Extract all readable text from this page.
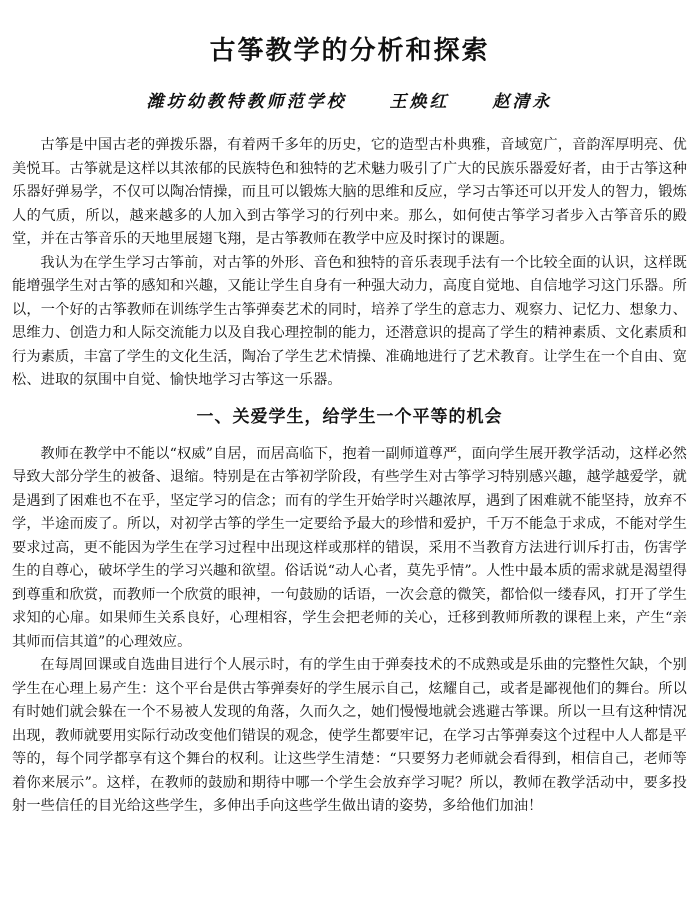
古筝教学的分析和探索
潍坊幼教特教师范学校	王焕红	赵清永

古筝是中国古老的弹拨乐器，有着两千多年的历史，它的造型古朴典雅，音域宽广，音韵浑厚明亮、优美悦耳。古筝就是这样以其浓郁的民族特色和独特的艺术魅力吸引了广大的民族乐器爱好者，由于古筝这种乐器好弹易学，不仅可以陶冶情操，而且可以锻炼大脑的思维和反应，学习古筝还可以开发人的智力，锻炼人的气质，所以，越来越多的人加入到古筝学习的行列中来。那么，如何使古筝学习者步入古筝音乐的殿堂，并在古筝音乐的天地里展翅飞翔，是古筝教师在教学中应及时探讨的课题。

我认为在学生学习古筝前，对古筝的外形、音色和独特的音乐表现手法有一个比较全面的认识，这样既能增强学生对古筝的感知和兴趣，又能让学生自身有一种强大动力，高度自觉地、自信地学习这门乐器。所以，一个好的古筝教师在训练学生古筝弹奏艺术的同时，培养了学生的意志力、观察力、记忆力、想象力、思维力、创造力和人际交流能力以及自我心理控制的能力，还潜意识的提高了学生的精神素质、文化素质和行为素质，丰富了学生的文化生活，陶冶了学生艺术情操、准确地进行了艺术教育。让学生在一个自由、宽松、进取的氛围中自觉、愉快地学习古筝这一乐器。

一、关爱学生，给学生一个平等的机会

教师在教学中不能以“权威”自居，而居高临下，抱着一副师道尊严，面向学生展开教学活动，这样必然导致大部分学生的被备、退缩。特别是在古筝初学阶段，有些学生对古筝学习特别感兴趣，越学越爱学，就是遇到了困难也不在乎，坚定学习的信念；而有的学生开始学时兴趣浓厚，遇到了困难就不能坚持，放弃不学，半途而废了。所以，对初学古筝的学生一定要给予最大的珍惜和爱护，千万不能急于求成，不能对学生要求过高，更不能因为学生在学习过程中出现这样或那样的错误，采用不当教育方法进行训斥打击，伤害学生的自尊心，破坏学生的学习兴趣和欲望。俗话说“动人心者，莫先乎情”。人性中最本质的需求就是渴望得到尊重和欣赏，而教师一个欣赏的眼神，一句鼓励的话语，一次会意的微笑，都恰似一缕春风，打开了学生求知的心扉。如果师生关系良好，心理相容，学生会把老师的关心，迁移到教师所教的课程上来，产生“亲其师而信其道”的心理效应。

在每周回课或自选曲目进行个人展示时，有的学生由于弹奏技术的不成熟或是乐曲的完整性欠缺，个别学生在心理上易产生：这个平台是供古筝弹奏好的学生展示自己，炫耀自己，或者是鄙视他们的舞台。所以有时她们就会躲在一个不易被人发现的角落，久而久之，她们慢慢地就会逃避古筝课。所以一旦有这种情况出现，教师就要用实际行动改变他们错误的观念，使学生都要牢记，在学习古筝弹奏这个过程中人人都是平等的，每个同学都享有这个舞台的权利。让这些学生清楚：“只要努力老师就会看得到，相信自己，老师等着你来展示”。这样，在教师的鼓励和期待中哪一个学生会放弃学习呢？所以，教师在教学活动中，要多投射一些信任的目光给这些学生，多伸出手向这些学生做出请的姿势，多给他们加油！
